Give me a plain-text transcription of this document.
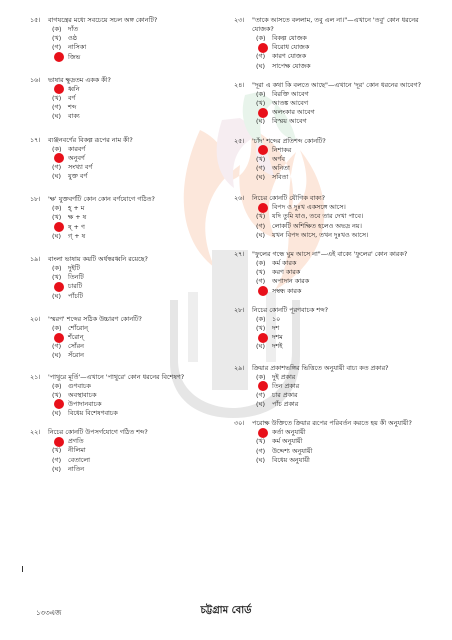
১৫।	বাগযন্ত্রের মধ্যে সবচেয়ে সচল অঙ্গ কোনটি?
(ক) দাঁত
(খ) ওষ্ঠ
(গ) নাসিকা
জিভ
১৬।	ভাষার ক্ষুদ্রতম একক কী?
ধ্বনি
(খ) বর্ণ
(গ) শব্দ
(ঘ) বাক্য
১৭।	ব্যঞ্জনবর্ণের বিকল্প রূপের নাম কী?
(ক) কারবর্ণ
অনুবর্ণ
(গ) সংখ্যা বর্ণ
(ঘ) যুক্ত বর্ণ
১৮।	'ক্ষ' যুক্তবর্ণটি কোন কোন বর্ণযোগে গঠিত?
(ক) হ্ + ম
(খ) ক্ষ + ষ
ষ্ + ণ
(ঘ) গ্ + ষ
১৯।	বাংলা ভাষায় কয়টি অর্ধস্বরধ্বনি রয়েছে?
(ক) দুইটি
(খ) তিনটি
চারটি
(ঘ) পাঁচটি
২০।	'স্মরণ' শব্দের সঠিক উচ্চারণ কোনটি?
(ক) শোঁরোন্
শঁরোন্
(গ) সোঁরন
(ঘ) সঁরোন
২১।	'পাথুরে মূর্তি'—এখানে 'পাথুরে' কোন ধরনের বিশেষণ?
(ক) গুণবাচক
(খ) অবস্থাবাচক
উপাদানবাচক
(ঘ) বিধেয় বিশেষণবাচক
২২।	নিচের কোনটি উপসর্গযোগে গঠিত শব্দ?
প্রগতি
(খ) নীলিমা
(গ) বেতালো
(ঘ) নাতিন
২৩।	"তাকে আসতে বললাম, তবু এল না।"—এখানে 'তবু' কোন ধরনের যোজক?
(ক) বিকল্প যোজক
বিরোধ যোজক
(গ) কারণ যোজক
(ঘ) সাপেক্ষ যোজক
২৪।	"দূরা এ কথা কি বলতে আছে"—এখানে 'দূর' কোন ধরনের আবেগ?
(ক) বিরক্তি আবেগ
(খ) আতঙ্ক আবেগ
অলংকার আবেগ
(ঘ) বিস্ময় আবেগ
২৫।	'চাঁদ' শব্দের প্রতিশব্দ কোনটি?
নিশাকর
(খ) অর্ণব
(গ) অনিতা
(ঘ) সবিতা
২৬।	নিচের কোনটি যৌগিক বাক্য?
বিপদ ও দুঃখ একসঙ্গে আসে।
(খ) যদি তুমি যাও, তবে তার দেখা পাবে।
(গ) লোকটি অশিক্ষিত হলেও অভদ্র নয়।
(ঘ) যখন বিপদ আসে, তখন দুঃখও আসে।
২৭।	"ফুলের গন্ধে ঘুম আসে না"—এই বাক্যে 'ফুলের' কোন কারক?
(ক) কর্ম কারক
(খ) করণ কারক
(গ) অপাদান কারক
সম্বন্ধ কারক
২৮।	নিচের কোনটি পূরণবাচক শব্দ?
(ক) ১০
(খ) দশ
দশম
(ঘ) দশই
২৯।	ক্রিয়ার প্রকাশভঙ্গির ভিত্তিতে অনুযায়ী বাচ্য কত প্রকার?
(ক) দুই প্রকার
তিন প্রকার
(গ) চার প্রকার
(ঘ) পাঁচ প্রকার
৩০।	পরোক্ষ উক্তিতে ক্রিয়ার রূপের পরিবর্তন করতে হয় কী অনুযায়ী?
কর্তা অনুযায়ী
(খ) কর্ম অনুযায়ী
(গ) উদ্দেশ্য অনুযায়ী
(ঘ) বিধেয় অনুযায়ী
১৩৩এজ	চট্টগ্রাম বোর্ড
